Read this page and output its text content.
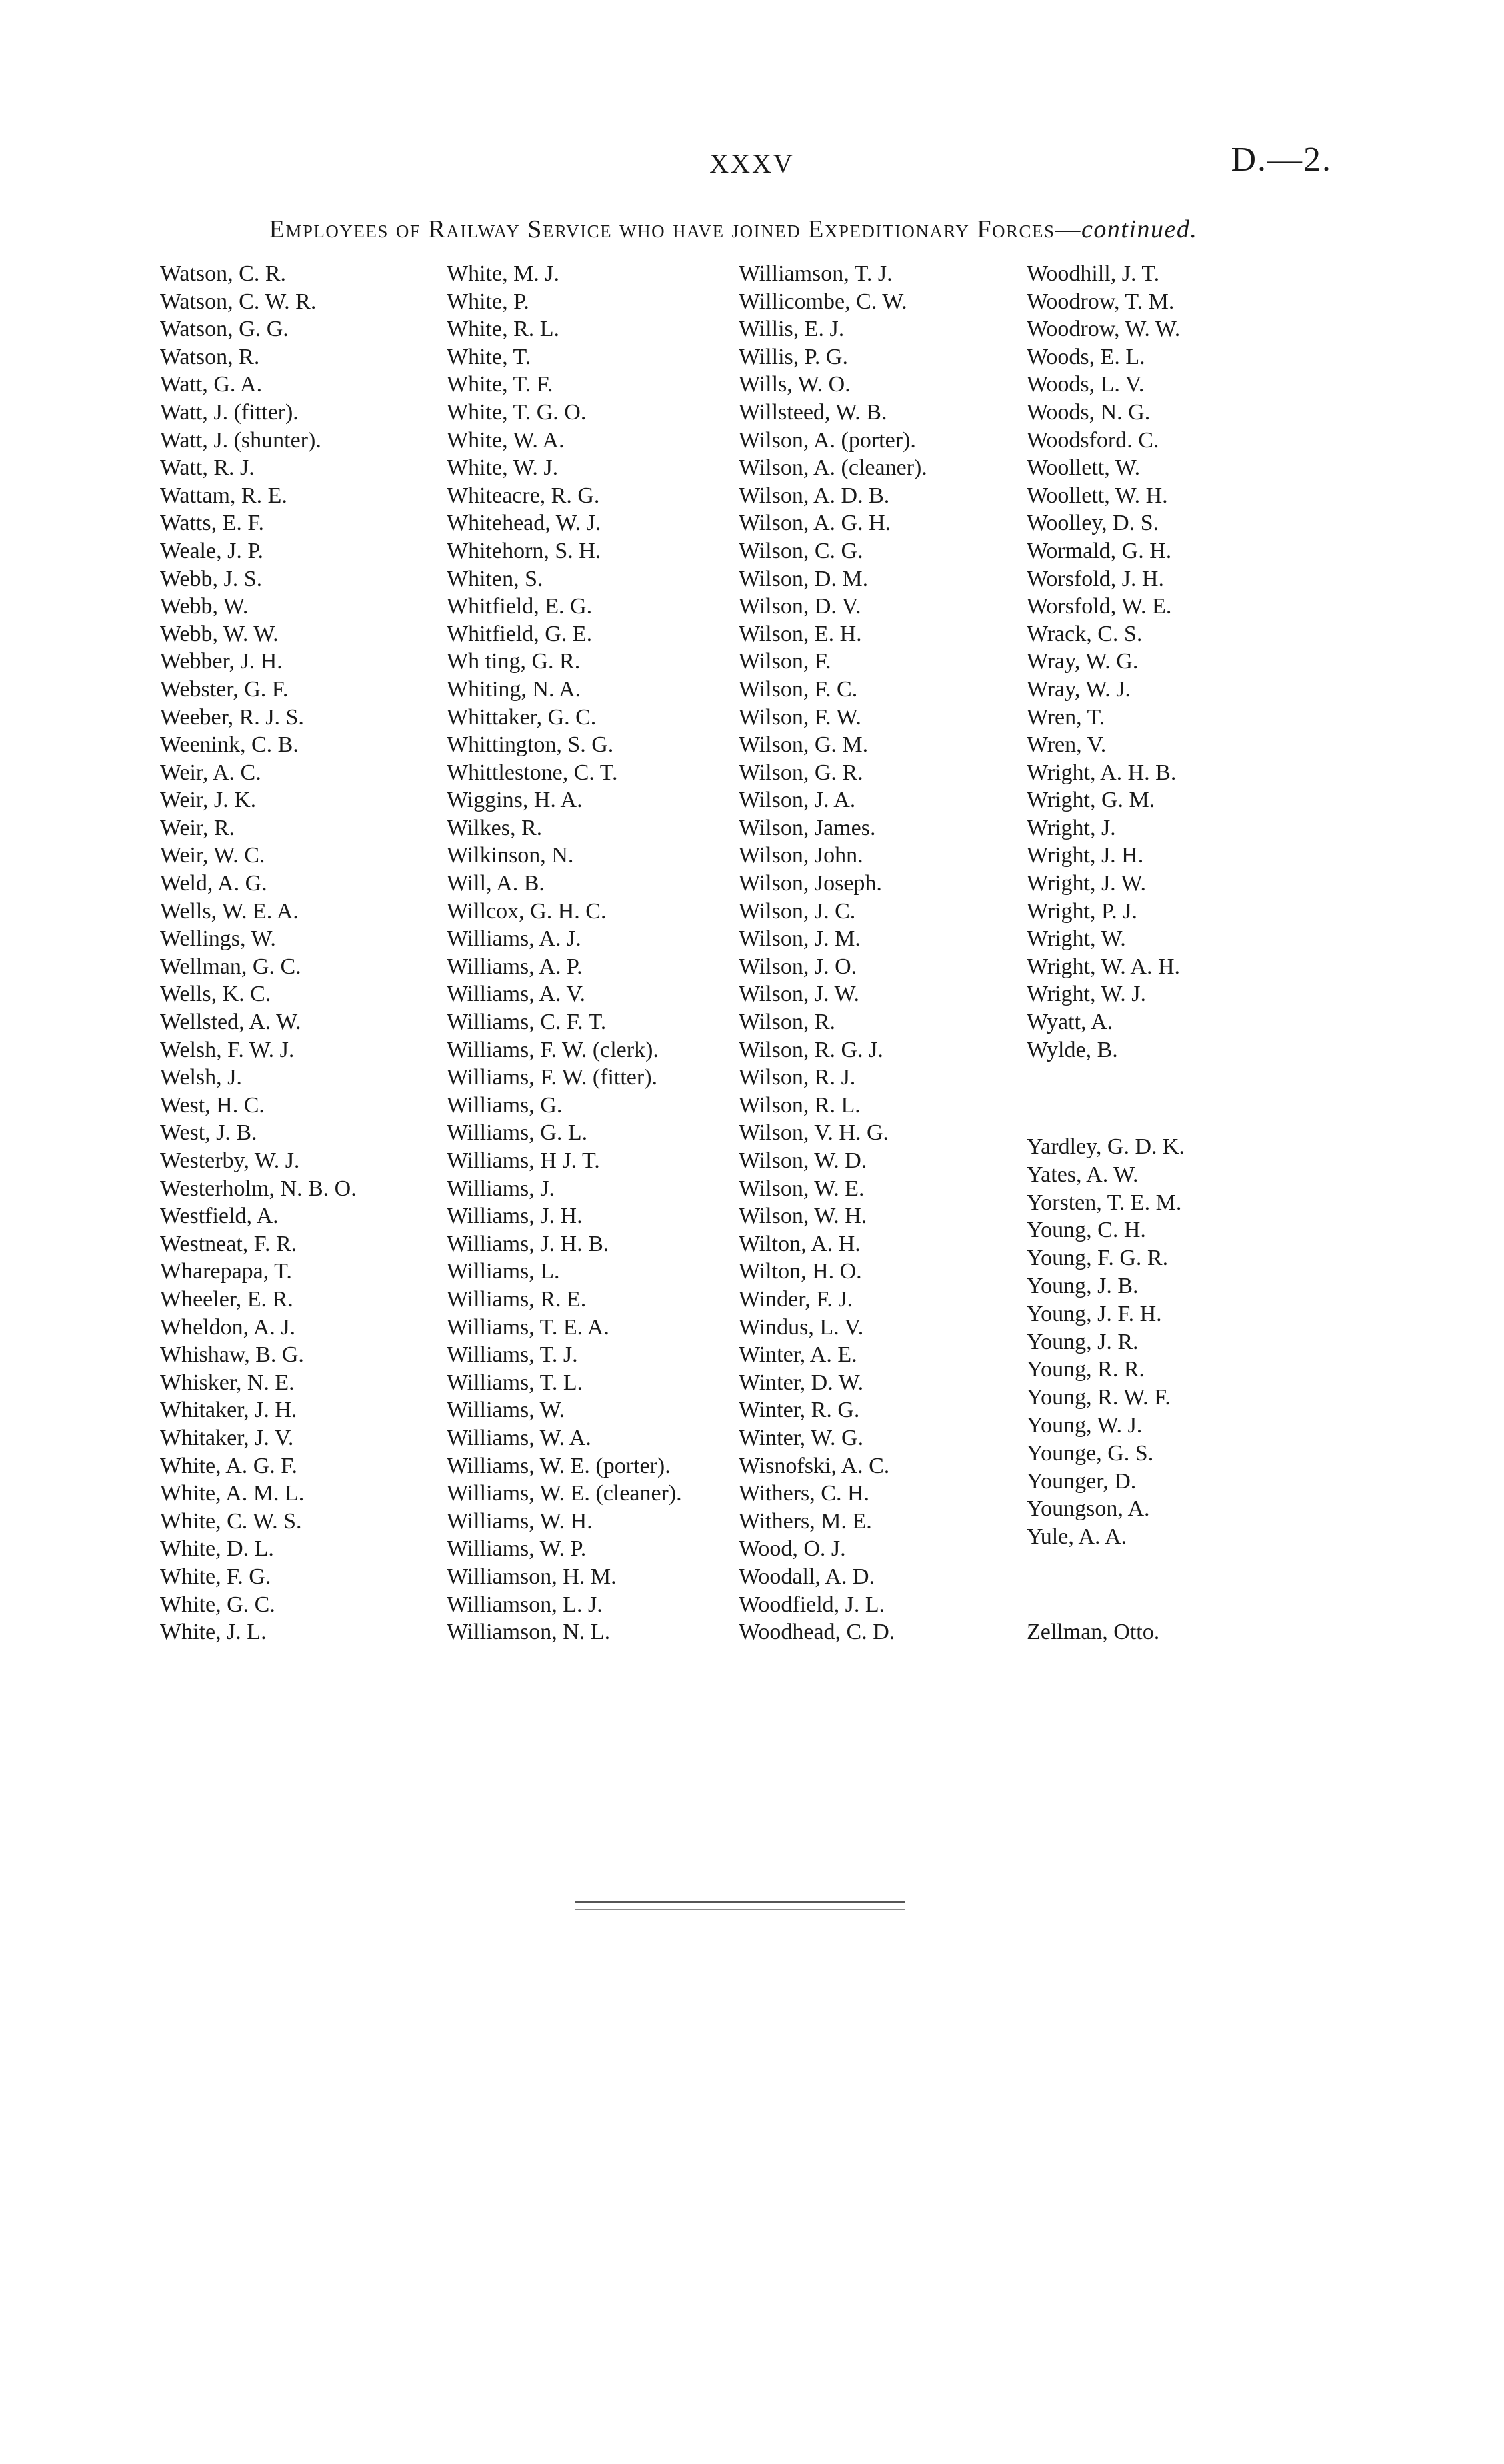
XXXV	D.—2.
Employees of Railway Service who have joined Expeditionary Forces—continued.
Watson, C. R.
Watson, C. W. R.
Watson, G. G.
Watson, R.
Watt, G. A.
Watt, J. (fitter).
Watt, J. (shunter).
Watt, R. J.
Wattam, R. E.
Watts, E. F.
Weale, J. P.
Webb, J. S.
Webb, W.
Webb, W. W.
Webber, J. H.
Webster, G. F.
Weeber, R. J. S.
Weenink, C. B.
Weir, A. C.
Weir, J. K.
Weir, R.
Weir, W. C.
Weld, A. G.
Wells, W. E. A.
Wellings, W.
Wellman, G. C.
Wells, K. C.
Wellsted, A. W.
Welsh, F. W. J.
Welsh, J.
West, H. C.
West, J. B.
Westerby, W. J.
Westerholm, N. B. O.
Westfield, A.
Westneat, F. R.
Wharepapa, T.
Wheeler, E. R.
Wheldon, A. J.
Whishaw, B. G.
Whisker, N. E.
Whitaker, J. H.
Whitaker, J. V.
White, A. G. F.
White, A. M. L.
White, C. W. S.
White, D. L.
White, F. G.
White, G. C.
White, J. L.
White, M. J.
White, P.
White, R. L.
White, T.
White, T. F.
White, T. G. O.
White, W. A.
White, W. J.
Whiteacre, R. G.
Whitehead, W. J.
Whitehorn, S. H.
Whiten, S.
Whitfield, E. G.
Whitfield, G. E.
Wh ting, G. R.
Whiting, N. A.
Whittaker, G. C.
Whittington, S. G.
Whittlestone, C. T.
Wiggins, H. A.
Wilkes, R.
Wilkinson, N.
Will, A. B.
Willcox, G. H. C.
Williams, A. J.
Williams, A. P.
Williams, A. V.
Williams, C. F. T.
Williams, F. W. (clerk).
Williams, F. W. (fitter).
Williams, G.
Williams, G. L.
Williams, H J. T.
Williams, J.
Williams, J. H.
Williams, J. H. B.
Williams, L.
Williams, R. E.
Williams, T. E. A.
Williams, T. J.
Williams, T. L.
Williams, W.
Williams, W. A.
Williams, W. E. (porter).
Williams, W. E. (cleaner).
Williams, W. H.
Williams, W. P.
Williamson, H. M.
Williamson, L. J.
Williamson, N. L.
Williamson, T. J.
Willicombe, C. W.
Willis, E. J.
Willis, P. G.
Wills, W. O.
Willsteed, W. B.
Wilson, A. (porter).
Wilson, A. (cleaner).
Wilson, A. D. B.
Wilson, A. G. H.
Wilson, C. G.
Wilson, D. M.
Wilson, D. V.
Wilson, E. H.
Wilson, F.
Wilson, F. C.
Wilson, F. W.
Wilson, G. M.
Wilson, G. R.
Wilson, J. A.
Wilson, James.
Wilson, John.
Wilson, Joseph.
Wilson, J. C.
Wilson, J. M.
Wilson, J. O.
Wilson, J. W.
Wilson, R.
Wilson, R. G. J.
Wilson, R. J.
Wilson, R. L.
Wilson, V. H. G.
Wilson, W. D.
Wilson, W. E.
Wilson, W. H.
Wilton, A. H.
Wilton, H. O.
Winder, F. J.
Windus, L. V.
Winter, A. E.
Winter, D. W.
Winter, R. G.
Winter, W. G.
Wisnofski, A. C.
Withers, C. H.
Withers, M. E.
Wood, O. J.
Woodall, A. D.
Woodfield, J. L.
Woodhead, C. D.
Woodhill, J. T.
Woodrow, T. M.
Woodrow, W. W.
Woods, E. L.
Woods, L. V.
Woods, N. G.
Woodsford. C.
Woollett, W.
Woollett, W. H.
Woolley, D. S.
Wormald, G. H.
Worsfold, J. H.
Worsfold, W. E.
Wrack, C. S.
Wray, W. G.
Wray, W. J.
Wren, T.
Wren, V.
Wright, A. H. B.
Wright, G. M.
Wright, J.
Wright, J. H.
Wright, J. W.
Wright, P. J.
Wright, W.
Wright, W. A. H.
Wright, W. J.
Wyatt, A.
Wylde, B.
Yardley, G. D. K.
Yates, A. W.
Yorsten, T. E. M.
Young, C. H.
Young, F. G. R.
Young, J. B.
Young, J. F. H.
Young, J. R.
Young, R. R.
Young, R. W. F.
Young, W. J.
Younge, G. S.
Younger, D.
Youngson, A.
Yule, A. A.
Zellman, Otto.
